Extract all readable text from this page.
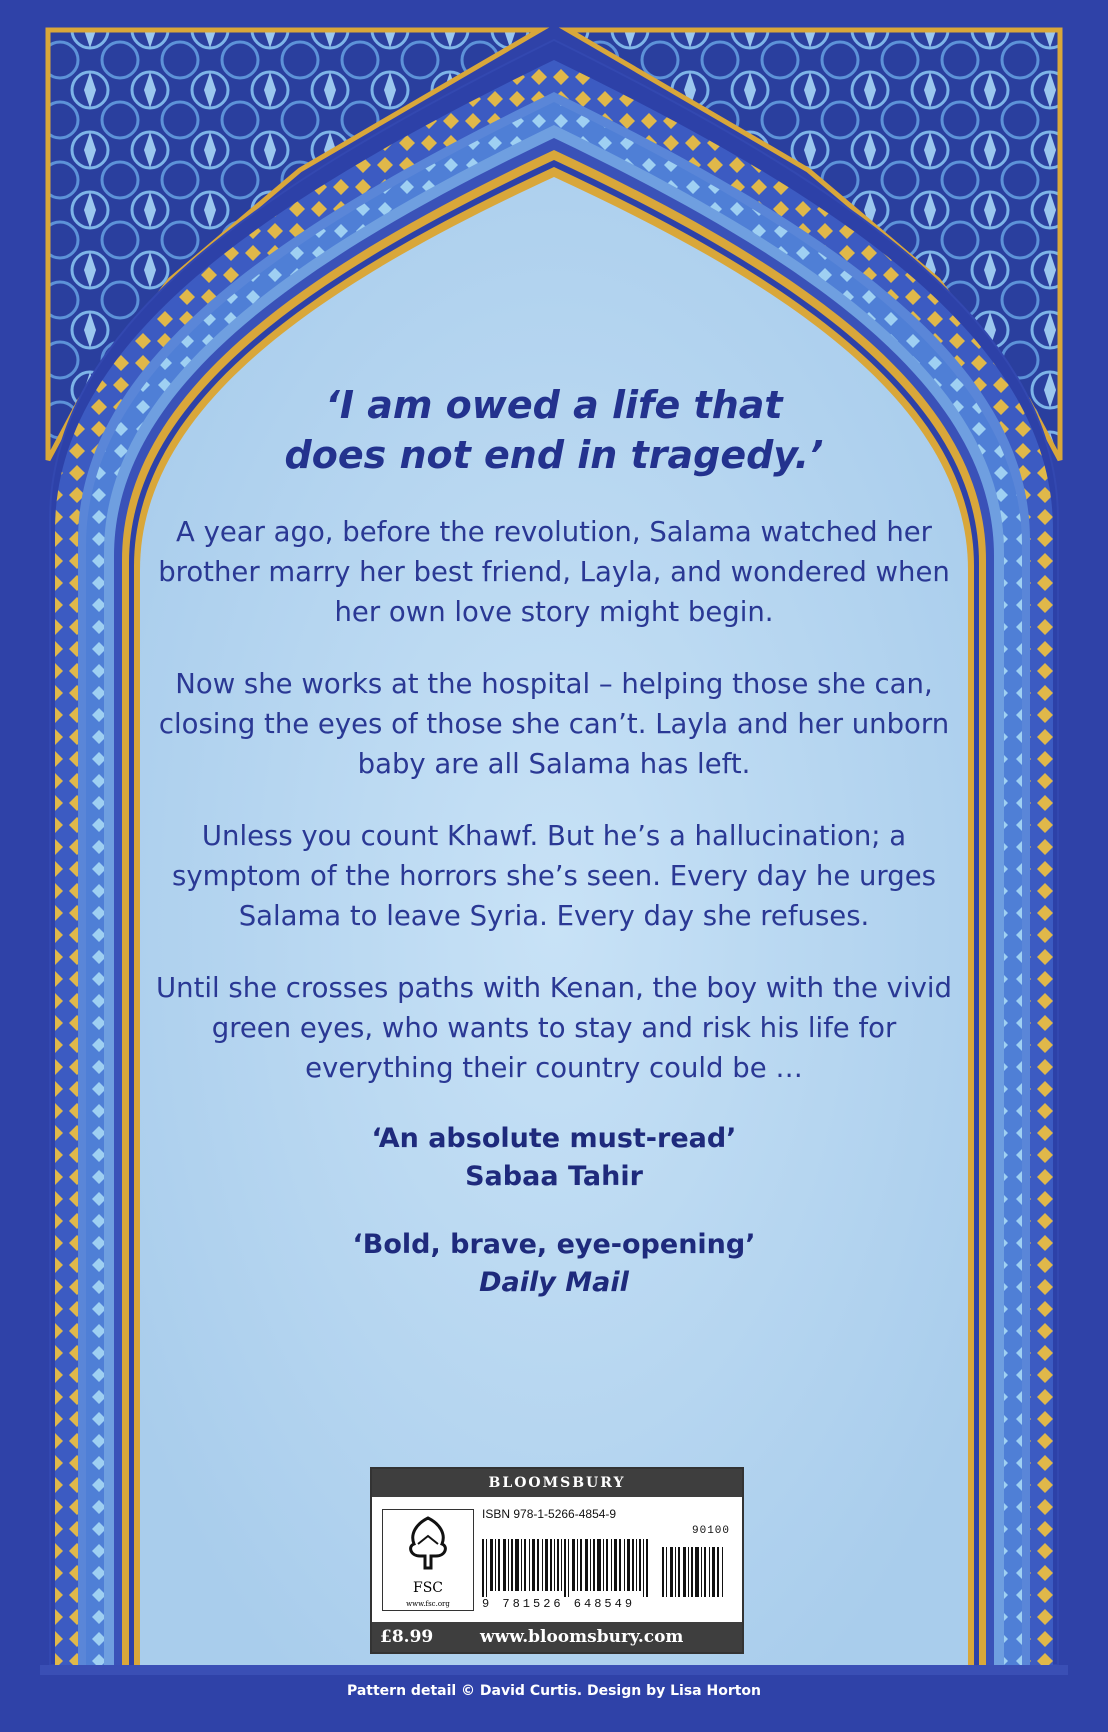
‘I am owed a life that
does not end in tragedy.’

A year ago, before the revolution, Salama watched her brother marry her best friend, Layla, and wondered when her own love story might begin.

Now she works at the hospital – helping those she can, closing the eyes of those she can’t. Layla and her unborn baby are all Salama has left.

Unless you count Khawf. But he’s a hallucination; a symptom of the horrors she’s seen. Every day he urges Salama to leave Syria. Every day she refuses.

Until she crosses paths with Kenan, the boy with the vivid green eyes, who wants to stay and risk his life for everything their country could be …

‘An absolute must-read’

Sabaa Tahir

‘Bold, brave, eye-opening’

Daily Mail

BLOOMSBURY
FSC
www.fsc.org
ISBN 978-1-5266-4854-9
90100
9 781526 648549
£8.99	www.bloomsbury.com
Pattern detail © David Curtis. Design by Lisa Horton
